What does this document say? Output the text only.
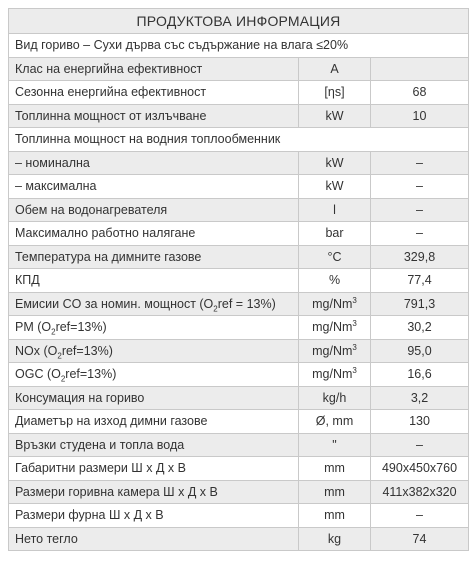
ПРОДУКТОВА ИНФОРМАЦИЯ		
Вид гориво – Сухи дърва със съдържание на влага ≤20%		
Клас на енергийна ефективност	A	
Сезонна енергийна ефективност	[ηs]	68
Топлинна мощност от излъчване	kW	10
Топлинна мощност на водния топлообменник		
– номинална	kW	–
– максимална	kW	–
Обем на водонагревателя	l	–
Максимално работно налягане	bar	–
Температура на димните газове	°C	329,8
КПД	%	77,4
Емисии CO за номин. мощност $(O_2ref = 13\%)$	mg/Nm$^3$	791,3
PM $(O_2ref=13\%)$	mg/Nm$^3$	30,2
NOx $(O_2ref=13\%)$	mg/Nm$^3$	95,0
OGC $(O_2ref=13\%)$	mg/Nm$^3$	16,6
Консумация на гориво	kg/h	3,2
Диаметър на изход димни газове	Ø, mm	130
Връзки студена и топла вода	"	–
Габаритни размери Ш х Д х В	mm	490x450x760
Размери горивна камера Ш х Д х В	mm	411x382x320
Размери фурна Ш х Д х В	mm	–
Нето тегло	kg	74
